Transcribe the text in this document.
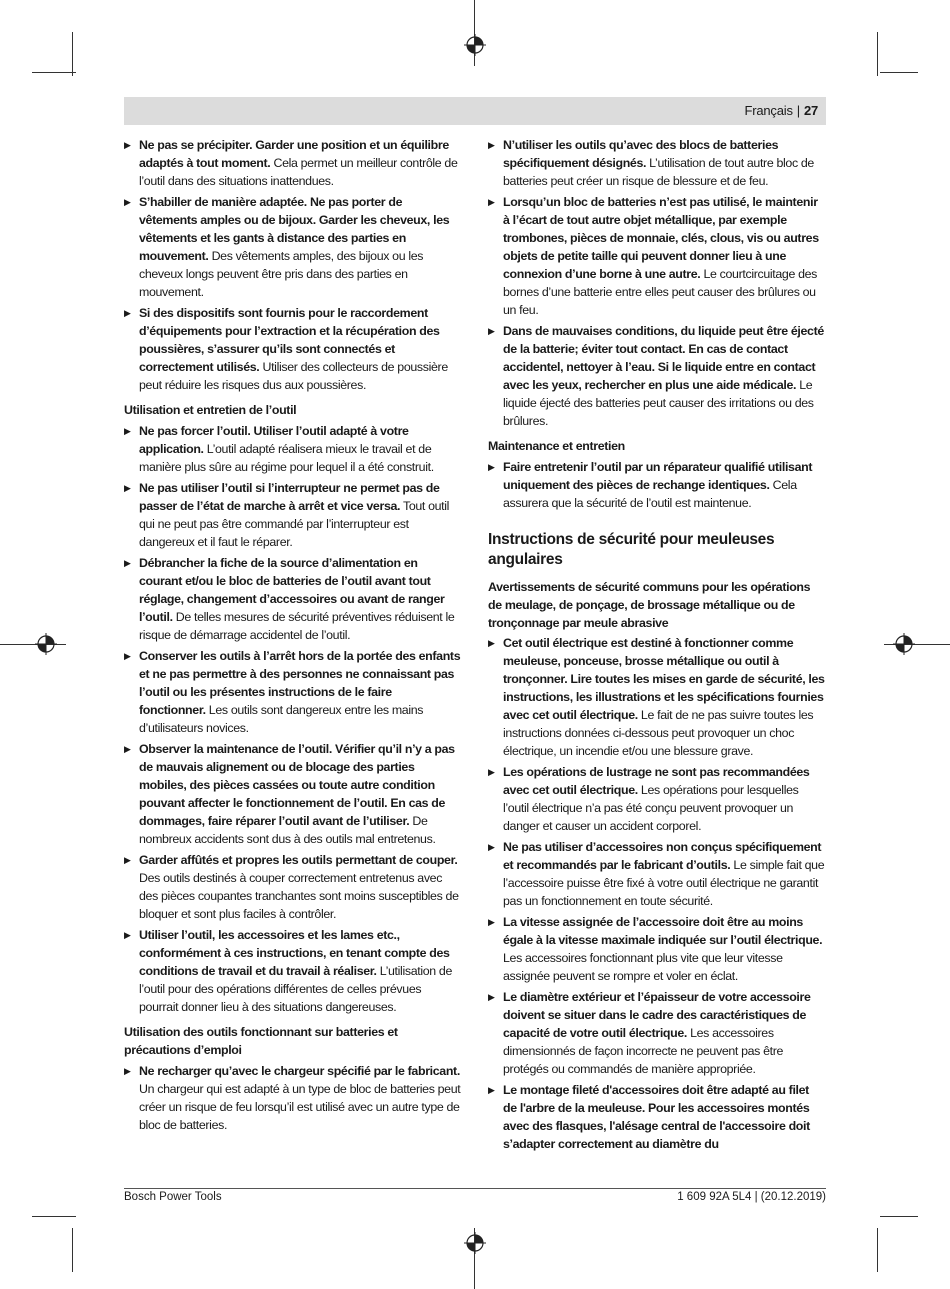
Français | 27
▶ Ne pas se précipiter. Garder une position et un équilibre adaptés à tout moment. Cela permet un meilleur contrôle de l’outil dans des situations inattendues.
▶ S’habiller de manière adaptée. Ne pas porter de vêtements amples ou de bijoux. Garder les cheveux, les vêtements et les gants à distance des parties en mouvement. Des vêtements amples, des bijoux ou les cheveux longs peuvent être pris dans des parties en mouvement.
▶ Si des dispositifs sont fournis pour le raccordement d’équipements pour l’extraction et la récupération des poussières, s’assurer qu’ils sont connectés et correctement utilisés. Utiliser des collecteurs de poussière peut réduire les risques dus aux poussières.
Utilisation et entretien de l’outil
▶ Ne pas forcer l’outil. Utiliser l’outil adapté à votre application. L’outil adapté réalisera mieux le travail et de manière plus sûre au régime pour lequel il a été construit.
▶ Ne pas utiliser l’outil si l’interrupteur ne permet pas de passer de l’état de marche à arrêt et vice versa. Tout outil qui ne peut pas être commandé par l’interrupteur est dangereux et il faut le réparer.
▶ Débrancher la fiche de la source d’alimentation en courant et/ou le bloc de batteries de l’outil avant tout réglage, changement d’accessoires ou avant de ranger l’outil. De telles mesures de sécurité préventives réduisent le risque de démarrage accidentel de l’outil.
▶ Conserver les outils à l’arrêt hors de la portée des enfants et ne pas permettre à des personnes ne connaissant pas l’outil ou les présentes instructions de le faire fonctionner. Les outils sont dangereux entre les mains d’utilisateurs novices.
▶ Observer la maintenance de l’outil. Vérifier qu’il n’y a pas de mauvais alignement ou de blocage des parties mobiles, des pièces cassées ou toute autre condition pouvant affecter le fonctionnement de l’outil. En cas de dommages, faire réparer l’outil avant de l’utiliser. De nombreux accidents sont dus à des outils mal entretenus.
▶ Garder affûtés et propres les outils permettant de couper. Des outils destinés à couper correctement entretenus avec des pièces coupantes tranchantes sont moins susceptibles de bloquer et sont plus faciles à contrôler.
▶ Utiliser l’outil, les accessoires et les lames etc., conformément à ces instructions, en tenant compte des conditions de travail et du travail à réaliser. L’utilisation de l’outil pour des opérations différentes de celles prévues pourrait donner lieu à des situations dangereuses.
Utilisation des outils fonctionnant sur batteries et précautions d’emploi
▶ Ne recharger qu’avec le chargeur spécifié par le fabricant. Un chargeur qui est adapté à un type de bloc de batteries peut créer un risque de feu lorsqu’il est utilisé avec un autre type de bloc de batteries.
▶ N’utiliser les outils qu’avec des blocs de batteries spécifiquement désignés. L’utilisation de tout autre bloc de batteries peut créer un risque de blessure et de feu.
▶ Lorsqu’un bloc de batteries n’est pas utilisé, le maintenir à l’écart de tout autre objet métallique, par exemple trombones, pièces de monnaie, clés, clous, vis ou autres objets de petite taille qui peuvent donner lieu à une connexion d’une borne à une autre. Le courtcircuitage des bornes d’une batterie entre elles peut causer des brûlures ou un feu.
▶ Dans de mauvaises conditions, du liquide peut être éjecté de la batterie; éviter tout contact. En cas de contact accidentel, nettoyer à l’eau. Si le liquide entre en contact avec les yeux, rechercher en plus une aide médicale. Le liquide éjecté des batteries peut causer des irritations ou des brûlures.
Maintenance et entretien
▶ Faire entretenir l’outil par un réparateur qualifié utilisant uniquement des pièces de rechange identiques. Cela assurera que la sécurité de l’outil est maintenue.
Instructions de sécurité pour meuleuses angulaires
Avertissements de sécurité communs pour les opérations de meulage, de ponçage, de brossage métallique ou de tronçonnage par meule abrasive
▶ Cet outil électrique est destiné à fonctionner comme meuleuse, ponceuse, brosse métallique ou outil à tronçonner. Lire toutes les mises en garde de sécurité, les instructions, les illustrations et les spécifications fournies avec cet outil électrique. Le fait de ne pas suivre toutes les instructions données ci-dessous peut provoquer un choc électrique, un incendie et/ou une blessure grave.
▶ Les opérations de lustrage ne sont pas recommandées avec cet outil électrique. Les opérations pour lesquelles l’outil électrique n’a pas été conçu peuvent provoquer un danger et causer un accident corporel.
▶ Ne pas utiliser d’accessoires non conçus spécifiquement et recommandés par le fabricant d’outils. Le simple fait que l’accessoire puisse être fixé à votre outil électrique ne garantit pas un fonctionnement en toute sécurité.
▶ La vitesse assignée de l’accessoire doit être au moins égale à la vitesse maximale indiquée sur l’outil électrique. Les accessoires fonctionnant plus vite que leur vitesse assignée peuvent se rompre et voler en éclat.
▶ Le diamètre extérieur et l’épaisseur de votre accessoire doivent se situer dans le cadre des caractéristiques de capacité de votre outil électrique. Les accessoires dimensionnés de façon incorrecte ne peuvent pas être protégés ou commandés de manière appropriée.
▶ Le montage fileté d'accessoires doit être adapté au filet de l'arbre de la meuleuse. Pour les accessoires montés avec des flasques, l'alésage central de l'accessoire doit s’adapter correctement au diamètre du
Bosch Power Tools	1 609 92A 5L4 | (20.12.2019)
